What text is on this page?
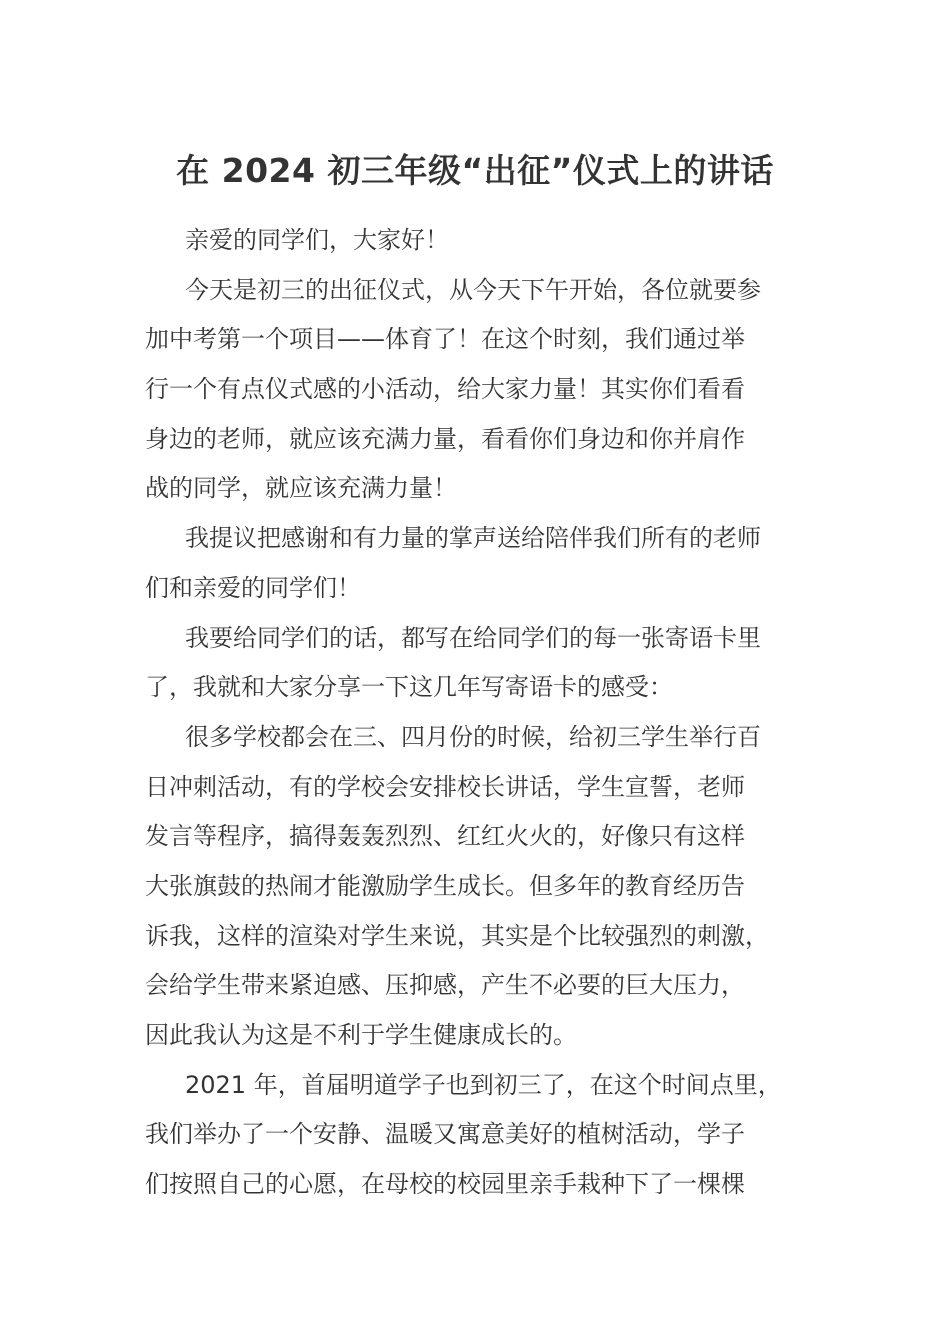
在 2024 初三年级“出征”仪式上的讲话
亲爱的同学们，大家好！
今天是初三的出征仪式，从今天下午开始，各位就要参
加中考第一个项目——体育了！在这个时刻，我们通过举
行一个有点仪式感的小活动，给大家力量！其实你们看看
身边的老师，就应该充满力量，看看你们身边和你并肩作
战的同学，就应该充满力量！
我提议把感谢和有力量的掌声送给陪伴我们所有的老师
们和亲爱的同学们！
我要给同学们的话，都写在给同学们的每一张寄语卡里
了，我就和大家分享一下这几年写寄语卡的感受：
很多学校都会在三、四月份的时候，给初三学生举行百
日冲刺活动，有的学校会安排校长讲话，学生宣誓，老师
发言等程序，搞得轰轰烈烈、红红火火的，好像只有这样
大张旗鼓的热闹才能激励学生成长。但多年的教育经历告
诉我，这样的渲染对学生来说，其实是个比较强烈的刺激，
会给学生带来紧迫感、压抑感，产生不必要的巨大压力，
因此我认为这是不利于学生健康成长的。
2021 年，首届明道学子也到初三了，在这个时间点里，
我们举办了一个安静、温暖又寓意美好的植树活动，学子
们按照自己的心愿，在母校的校园里亲手栽种下了一棵棵
